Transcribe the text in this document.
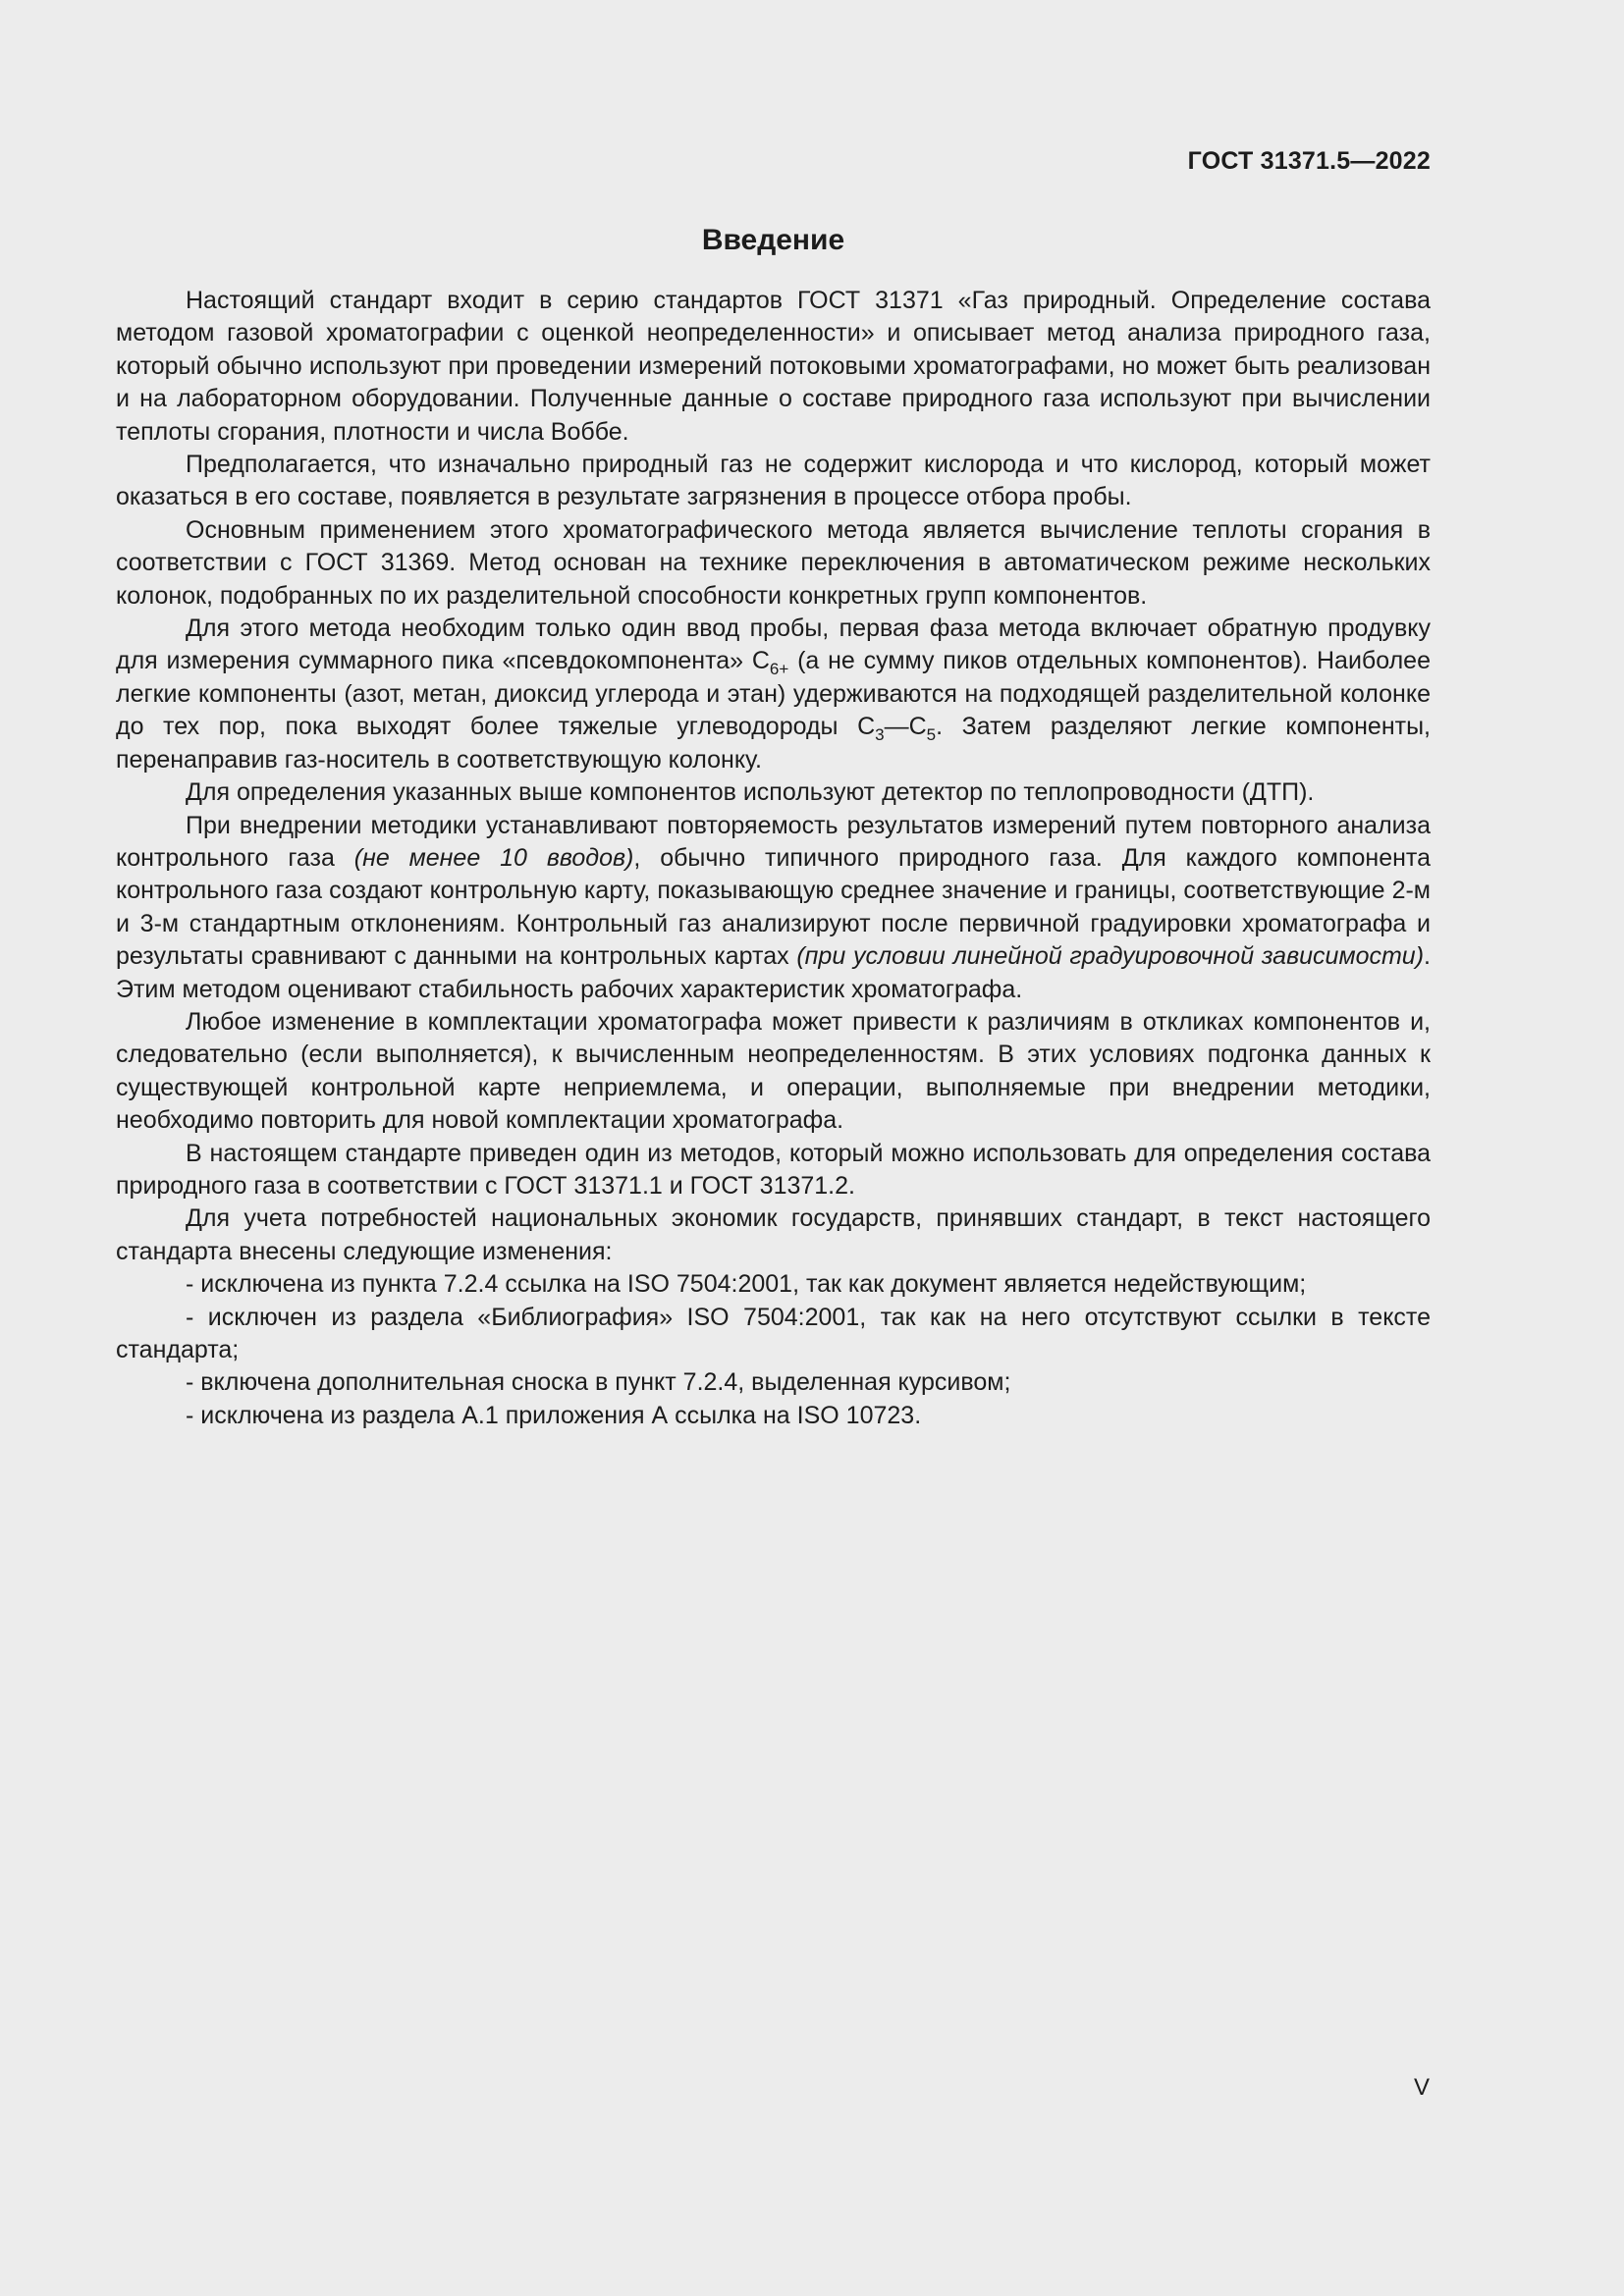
ГОСТ 31371.5—2022
Введение

Настоящий стандарт входит в серию стандартов ГОСТ 31371 «Газ природный. Определение состава методом газовой хроматографии с оценкой неопределенности» и описывает метод анализа природного газа, который обычно используют при проведении измерений потоковыми хроматографами, но может быть реализован и на лабораторном оборудовании. Полученные данные о составе природного газа используют при вычислении теплоты сгорания, плотности и числа Воббе.

Предполагается, что изначально природный газ не содержит кислорода и что кислород, который может оказаться в его составе, появляется в результате загрязнения в процессе отбора пробы.

Основным применением этого хроматографического метода является вычисление теплоты сгорания в соответствии с ГОСТ 31369. Метод основан на технике переключения в автоматическом режиме нескольких колонок, подобранных по их разделительной способности конкретных групп компонентов.

Для этого метода необходим только один ввод пробы, первая фаза метода включает обратную продувку для измерения суммарного пика «псевдокомпонента» $C_{6+}$ (а не сумму пиков отдельных компонентов). Наиболее легкие компоненты (азот, метан, диоксид углерода и этан) удерживаются на подходящей разделительной колонке до тех пор, пока выходят более тяжелые углеводороды $C_3—C_5$. Затем разделяют легкие компоненты, перенаправив газ-носитель в соответствующую колонку.

Для определения указанных выше компонентов используют детектор по теплопроводности (ДТП).

При внедрении методики устанавливают повторяемость результатов измерений путем повторного анализа контрольного газа (не менее 10 вводов), обычно типичного природного газа. Для каждого компонента контрольного газа создают контрольную карту, показывающую среднее значение и границы, соответствующие 2-м и 3-м стандартным отклонениям. Контрольный газ анализируют после первичной градуировки хроматографа и результаты сравнивают с данными на контрольных картах (при условии линейной градуировочной зависимости). Этим методом оценивают стабильность рабочих характеристик хроматографа.

Любое изменение в комплектации хроматографа может привести к различиям в откликах компонентов и, следовательно (если выполняется), к вычисленным неопределенностям. В этих условиях подгонка данных к существующей контрольной карте неприемлема, и операции, выполняемые при внедрении методики, необходимо повторить для новой комплектации хроматографа.

В настоящем стандарте приведен один из методов, который можно использовать для определения состава природного газа в соответствии с ГОСТ 31371.1 и ГОСТ 31371.2.

Для учета потребностей национальных экономик государств, принявших стандарт, в текст настоящего стандарта внесены следующие изменения:

- исключена из пункта 7.2.4 ссылка на ISO 7504:2001, так как документ является недействующим;

- исключен из раздела «Библиография» ISO 7504:2001, так как на него отсутствуют ссылки в тексте стандарта;

- включена дополнительная сноска в пункт 7.2.4, выделенная курсивом;

- исключена из раздела А.1 приложения А ссылка на ISO 10723.

V
